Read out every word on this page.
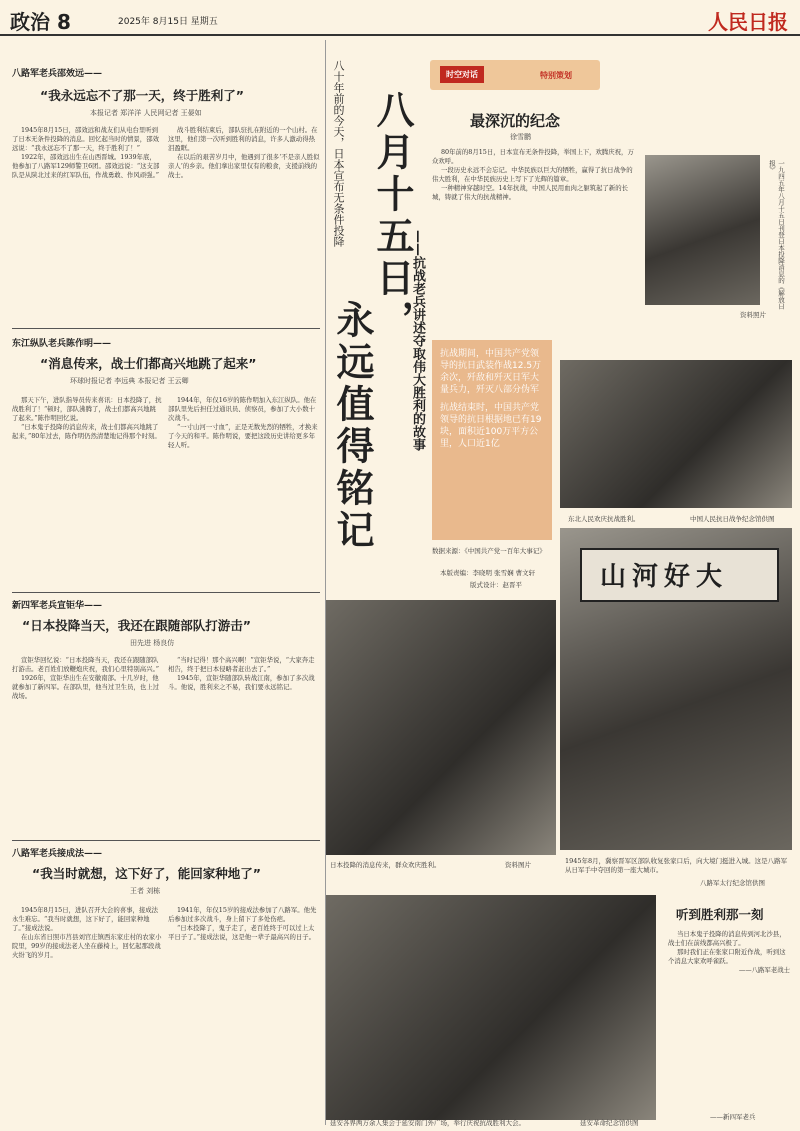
政治 8	2025年 8月15日 星期五	人民日报
八路军老兵邵效远——
“我永远忘不了那一天，终于胜利了”
本报记者 郑洋洋 人民网记者 王晏如

1945年8月15日，邵效远和战友们从电台里听到了日本无条件投降的消息。回忆起当时的情景，邵效远说：“我永远忘不了那一天，终于胜利了！”

1922年，邵效远出生在山西晋城。1939年底，他参加了八路军129师警卫6团。邵效远说：“这支部队是从陕北过来的红军队伍，作战勇敢、作风顽强。”

战斗胜利结束后，部队驻扎在附近的一个山村。在这里，他们第一次听到胜利的消息，许多人激动得热泪盈眶。

在以后的艰苦岁月中，他遇到了很多‘不是亲人胜似亲人’的乡亲。他们拿出家里仅有的粮食，支援前线的战士。

东江纵队老兵陈作明——
“消息传来，战士们都高兴地跳了起来”
环球时报记者 李远典 本报记者 王云卿

那天下午，进队指导员传来喜讯：日本投降了，抗战胜利了！“顿时，部队沸腾了，战士们都高兴地跳了起来。”陈作明回忆说。

“日本鬼子投降的消息传来，战士们都高兴地跳了起来，”80年过去，陈作明仍然清楚地记得那个时刻。

1944年，年仅16岁的陈作明加入东江纵队。他在部队里先后担任过通讯员、侦察员，参加了大小数十次战斗。

“一寸山河一寸血”，正是无数先烈的牺牲，才换来了今天的和平。陈作明说，要把这段历史讲给更多年轻人听。

新四军老兵宣钜华——
“日本投降当天，我还在跟随部队打游击”
田先进 杨良仿

宣钜华回忆说：“日本投降当天，我还在跟随部队打游击。老百姓们放鞭炮庆祝，我们心里特别高兴。”

1926年，宣钜华出生在安徽南部。十几岁时，他就参加了新四军。在部队里，他当过卫生员，也上过战场。

“当时记得！那个高兴啊！”宣钜华说，“大家奔走相告，终于把日本侵略者赶出去了。”

1945年，宣钜华随部队转战江南，参加了多次战斗。他说，胜利来之不易，我们要永远铭记。

八路军老兵接成法——
“我当时就想，这下好了，能回家种地了”
王者 刘栋

1945年8月15日，进队召开大会的喜事，接成法永生难忘。“我当时就想，这下好了，能回家种地了。”接成法说。

在山东省日照市莒县刘官庄镇西东家庄村的农家小院里，99岁的接成法老人坐在藤椅上，回忆起那段战火纷飞的岁月。

1941年，年仅15岁的接成法参加了八路军。他先后参加过多次战斗，身上留下了多处伤疤。

“日本投降了，鬼子走了，老百姓终于可以过上太平日子了。”接成法说，这是他一辈子最高兴的日子。

八十年前的今天，日本宣布无条件投降 八月十五日，
永远值得铭记	——抗战老兵讲述夺取伟大胜利的故事
日本投降的消息传来，群众欢庆胜利。	资料图片
时空对话	特别策划
最深沉的纪念
徐雪鹏

80年前的8月15日，日本宣布无条件投降，举国上下，欢腾庆祝，万众欢呼。

一段历史永远不会忘记。中华民族以巨大的牺牲，赢得了抗日战争的伟大胜利，在中华民族历史上写下了光辉的篇章。

一种精神穿越时空。14年抗战，中国人民用血肉之躯筑起了新的长城，铸就了伟大的抗战精神。	一九四五年八月十五日刊登日本投降消息的《解放日报》
资料照片

抗战期间，中国共产党领导的抗日武装作战12.5万余次，歼敌和歼灭日军大量兵力，歼灭八部分伪军

抗战结束时，中国共产党领导的抗日根据地已有19块，面积近100万平方公里，人口近1亿

数据来源：《中国共产党一百年大事记》
本版责编：李晓明 张雪娴 曹文轩
版式设计：赵晋平
东北人民欢庆抗战胜利。	中国人民抗日战争纪念馆供图
山河好大
1945年8月，冀察晋军区部队收复张家口后，向大境门挺进入城。这是八路军从日军手中夺回的第一座大城市。
八路军太行纪念馆供图
延安各界两万余人集会于延安南门外广场，举行庆祝抗战胜利大会。	延安革命纪念馆供图
听到胜利那一刻

当日本鬼子投降的消息传到河北沙县，战士们在前线都高兴极了。

那时我们正在张家口附近作战，听到这个消息大家欢呼雀跃。

——八路军老战士

——新四军老兵
